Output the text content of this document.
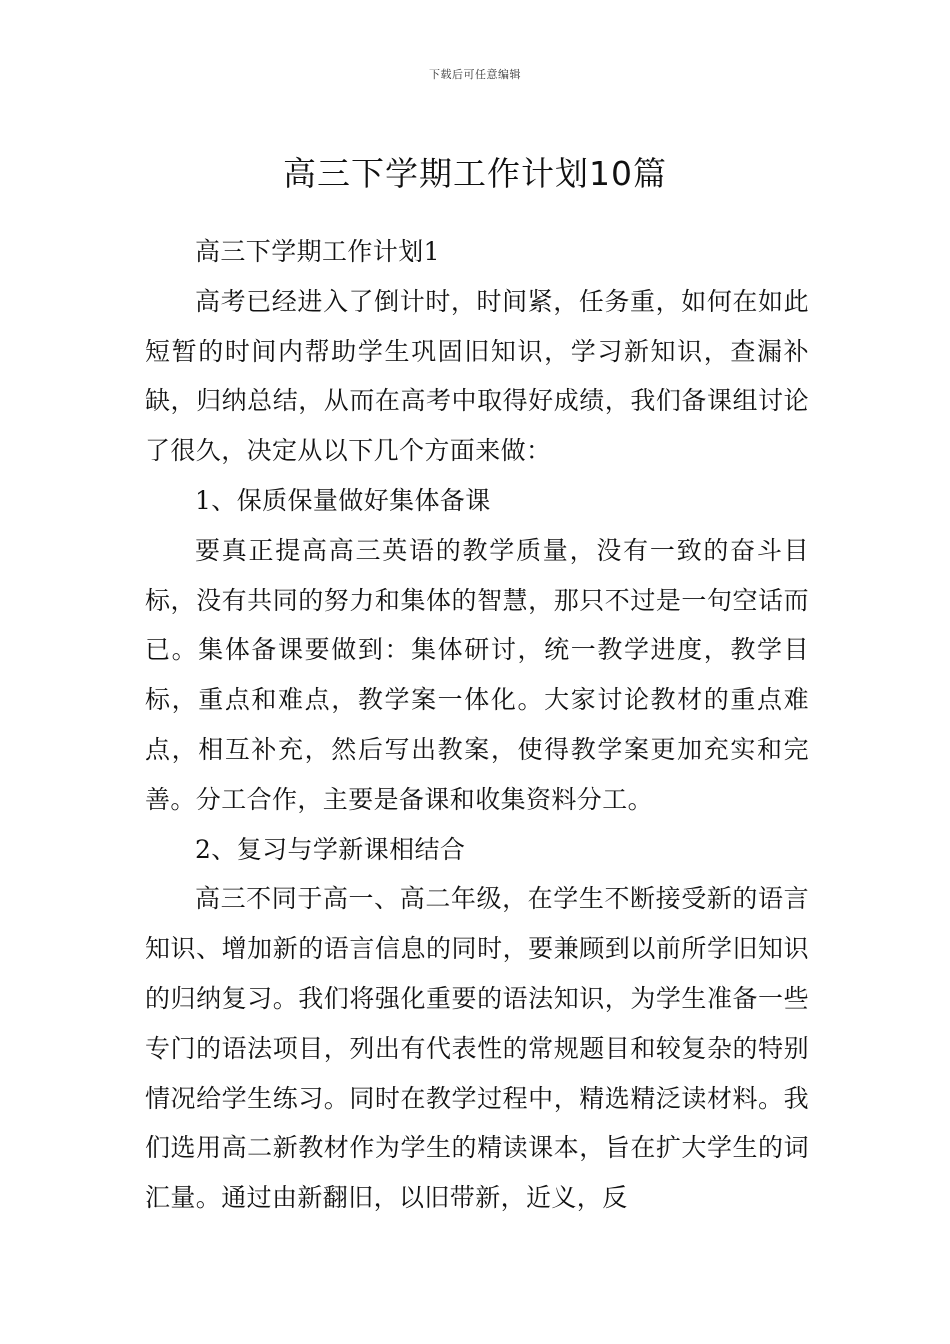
下载后可任意编辑
高三下学期工作计划10篇

高三下学期工作计划1

高考已经进入了倒计时，时间紧，任务重，如何在如此短暂的时间内帮助学生巩固旧知识，学习新知识，查漏补缺，归纳总结，从而在高考中取得好成绩，我们备课组讨论了很久，决定从以下几个方面来做：

1、保质保量做好集体备课

要真正提高高三英语的教学质量，没有一致的奋斗目标，没有共同的努力和集体的智慧，那只不过是一句空话而已。集体备课要做到：集体研讨，统一教学进度，教学目标，重点和难点，教学案一体化。大家讨论教材的重点难点，相互补充，然后写出教案，使得教学案更加充实和完善。分工合作，主要是备课和收集资料分工。

2、复习与学新课相结合

高三不同于高一、高二年级，在学生不断接受新的语言知识、增加新的语言信息的同时，要兼顾到以前所学旧知识的归纳复习。我们将强化重要的语法知识，为学生准备一些专门的语法项目，列出有代表性的常规题目和较复杂的特别情况给学生练习。同时在教学过程中，精选精泛读材料。我们选用高二新教材作为学生的精读课本，旨在扩大学生的词汇量。通过由新翻旧，以旧带新，近义，反
